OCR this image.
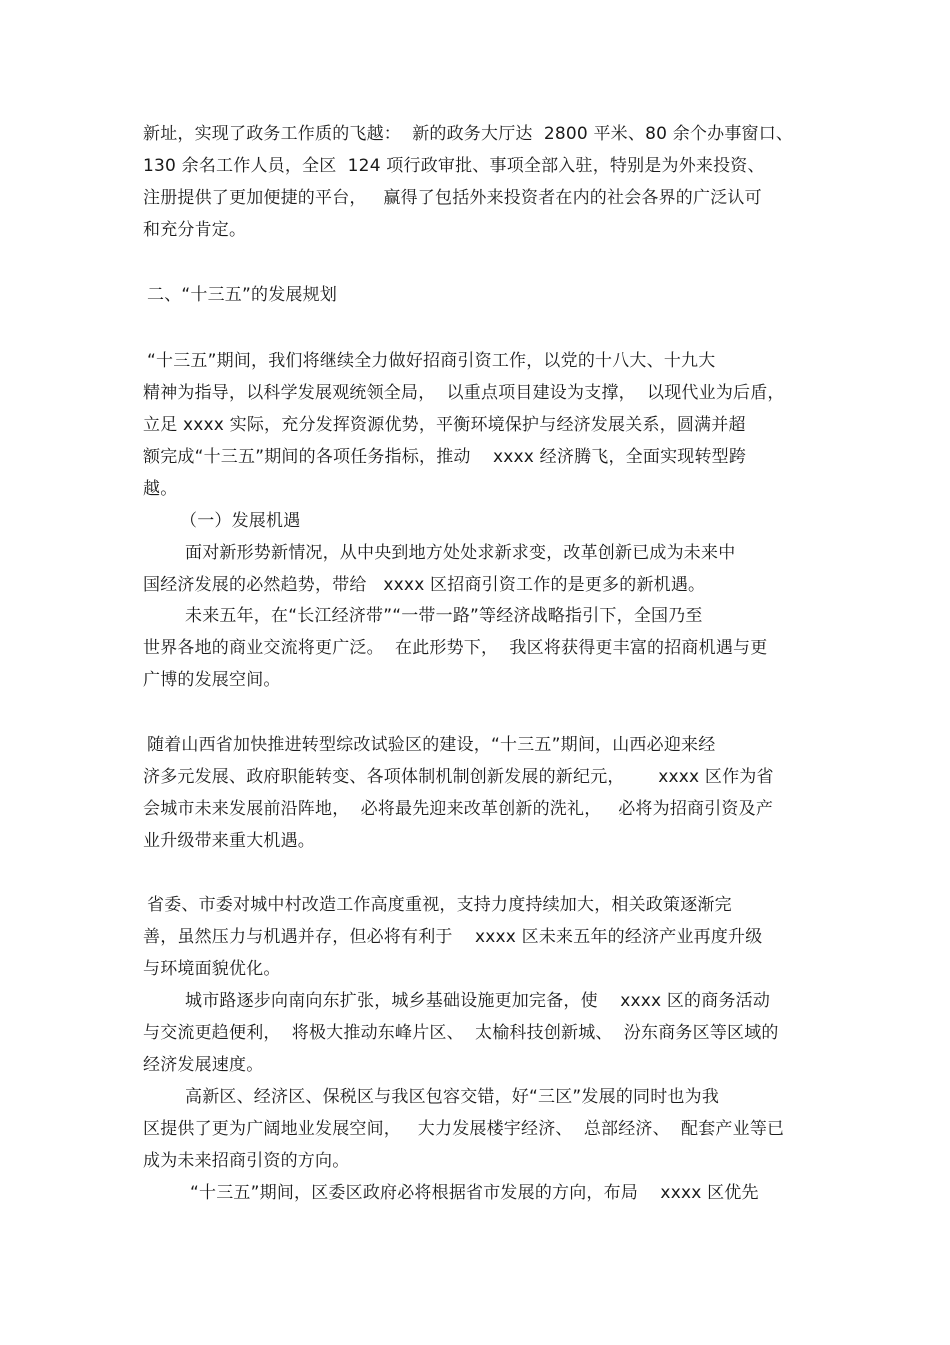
新址，实现了政务工作质的飞越：  新的政务大厅达  2800 平米、80 余个办事窗口、
130 余名工作人员，全区  124 项行政审批、事项全部入驻，特别是为外来投资、
注册提供了更加便捷的平台，   赢得了包括外来投资者在内的社会各界的广泛认可
和充分肯定。
二、“十三五”的发展规划
“十三五”期间，我们将继续全力做好招商引资工作，以党的十八大、十九大
精神为指导，以科学发展观统领全局，  以重点项目建设为支撑，  以现代业为后盾，
立足 xxxx 实际，充分发挥资源优势，平衡环境保护与经济发展关系，圆满并超
额完成“十三五”期间的各项任务指标，推动    xxxx 经济腾飞，全面实现转型跨
越。
（一）发展机遇
面对新形势新情况，从中央到地方处处求新求变，改革创新已成为未来中
国经济发展的必然趋势，带给   xxxx 区招商引资工作的是更多的新机遇。
未来五年，在“长江经济带”“一带一路”等经济战略指引下，全国乃至
世界各地的商业交流将更广泛。  在此形势下，  我区将获得更丰富的招商机遇与更
广博的发展空间。
随着山西省加快推进转型综改试验区的建设，“十三五”期间，山西必迎来经
济多元发展、政府职能转变、各项体制机制创新发展的新纪元，      xxxx 区作为省
会城市未来发展前沿阵地，  必将最先迎来改革创新的洗礼，   必将为招商引资及产
业升级带来重大机遇。
省委、市委对城中村改造工作高度重视，支持力度持续加大，相关政策逐渐完
善，虽然压力与机遇并存，但必将有利于    xxxx 区未来五年的经济产业再度升级
与环境面貌优化。
城市路逐步向南向东扩张，城乡基础设施更加完备，使    xxxx 区的商务活动
与交流更趋便利，  将极大推动东峰片区、  太榆科技创新城、  汾东商务区等区域的
经济发展速度。
高新区、经济区、保税区与我区包容交错，好“三区”发展的同时也为我
区提供了更为广阔地业发展空间，   大力发展楼宇经济、  总部经济、  配套产业等已
成为未来招商引资的方向。
“十三五”期间，区委区政府必将根据省市发展的方向，布局    xxxx 区优先
